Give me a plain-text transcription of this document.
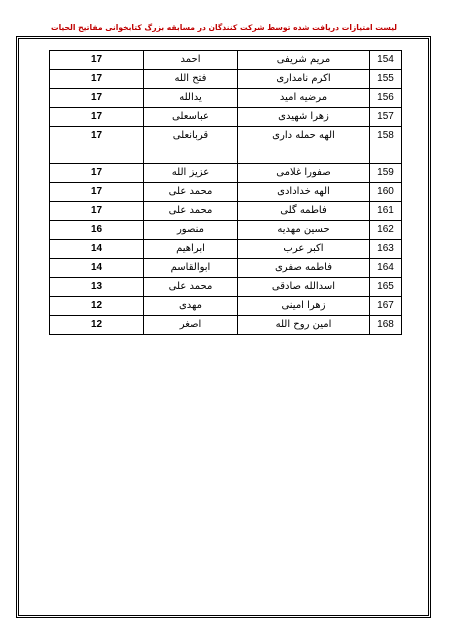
لیست امتیازات دریافت شده توسط شرکت کنندگان در مسابقه بزرگ کتابخوانی مفاتیح الحیات
154	مریم شریفی	احمد	17
155	اکرم نامداری	فتح الله	17
156	مرضیه امید	یدالله	17
157	زهرا شهیدی	عباسعلی	17
158	الهه حمله داری	قربانعلی	17
159	صفورا غلامی	عزیز الله	17
160	الهه خدادادی	محمد علی	17
161	فاطمه گلی	محمد علی	17
162	حسین مهدیه	منصور	16
163	اکبر عرب	ابراهیم	14
164	فاطمه صفری	ابوالقاسم	14
165	اسدالله صادقی	محمد علی	13
167	زهرا امینی	مهدی	12
168	امین روح الله	اصغر	12
